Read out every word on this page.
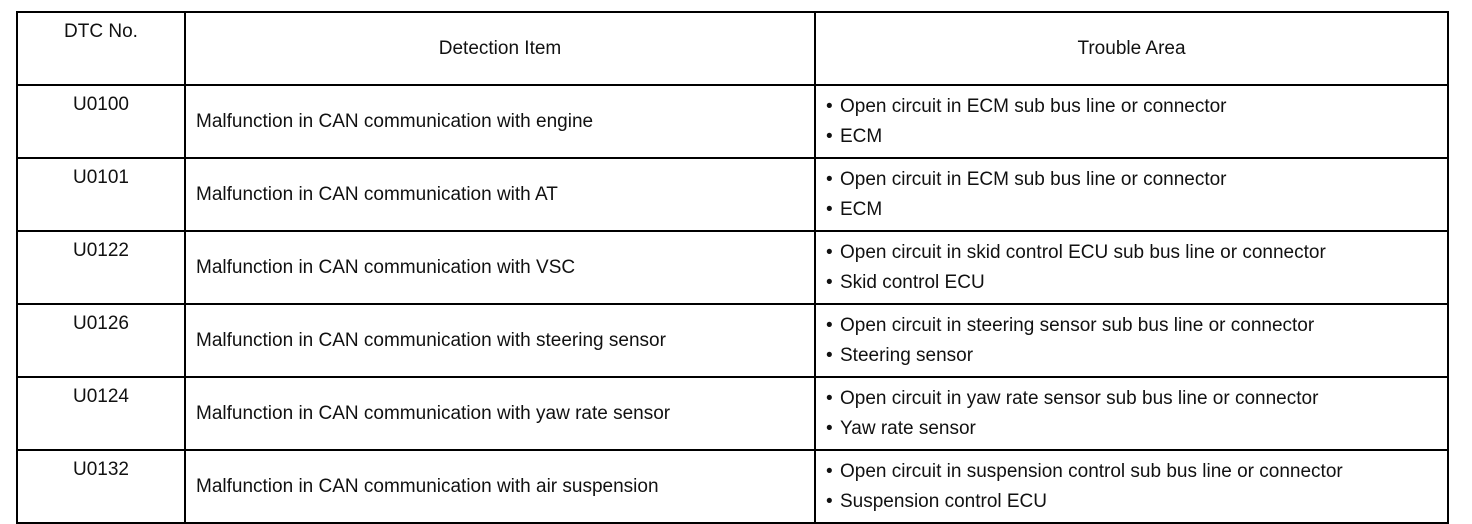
DTC No.	Detection Item	Trouble Area
U0100	Malfunction in CAN communication with engine	• Open circuit in ECM sub bus line or connector
• ECM

U0101	Malfunction in CAN communication with AT	• Open circuit in ECM sub bus line or connector
• ECM

U0122	Malfunction in CAN communication with VSC	• Open circuit in skid control ECU sub bus line or connector
• Skid control ECU

U0126	Malfunction in CAN communication with steering sensor	• Open circuit in steering sensor sub bus line or connector
• Steering sensor

U0124	Malfunction in CAN communication with yaw rate sensor	• Open circuit in yaw rate sensor sub bus line or connector
• Yaw rate sensor

U0132	Malfunction in CAN communication with air suspension	• Open circuit in suspension control sub bus line or connector
• Suspension control ECU
